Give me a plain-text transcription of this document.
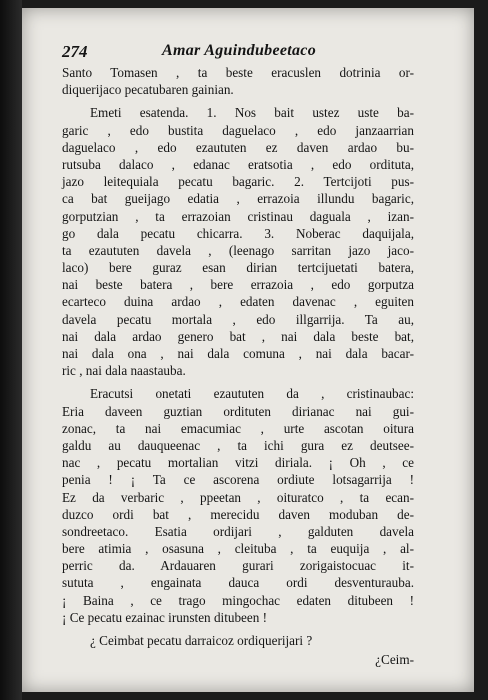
274	Amar Aguindubeetaco
Santo Tomasen , ta beste eracuslen dotrinia or-
diquerijaco pecatubaren gainian.
Emeti esatenda. 1. Nos bait ustez uste ba-
garic , edo bustita daguelaco , edo janzaarrian
daguelaco , edo ezaututen ez daven ardao bu-
rutsuba dalaco , edanac eratsotia , edo ordituta,
jazo leitequiala pecatu bagaric. 2. Tertcijoti pus-
ca bat gueijago edatia , errazoia illundu bagaric,
gorputzian , ta errazoian cristinau daguala , izan-
go dala pecatu chicarra. 3. Noberac daquijala,
ta ezaututen davela , (leenago sarritan jazo jaco-
laco) bere guraz esan dirian tertcijuetati batera,
nai beste batera , bere errazoia , edo gorputza
ecarteco duina ardao , edaten davenac , eguiten
davela pecatu mortala , edo illgarrija. Ta au,
nai dala ardao genero bat , nai dala beste bat,
nai dala ona , nai dala comuna , nai dala bacar-
ric , nai dala naastauba.
Eracutsi onetati ezaututen da , cristinaubac:
Eria daveen guztian ordituten dirianac nai gui-
zonac, ta nai emacumiac , urte ascotan oitura
galdu au dauqueenac , ta ichi gura ez deutsee-
nac , pecatu mortalian vitzi diriala. ¡ Oh , ce
penia ! ¡ Ta ce ascorena ordiute lotsagarrija !
Ez da verbaric , ppeetan , oituratco , ta ecan-
duzco ordi bat , merecidu daven moduban de-
sondreetaco. Esatia ordijari , galduten davela
bere atimia , osasuna , cleituba , ta euquija , al-
perric da. Ardauaren gurari zorigaistocuac it-
sututa , engainata dauca ordi desventurauba.
¡ Baina , ce trago mingochac edaten ditubeen !
¡ Ce pecatu ezainac irunsten ditubeen !
¿ Ceimbat pecatu darraicoz ordiquerijari ?
¿Ceim-
